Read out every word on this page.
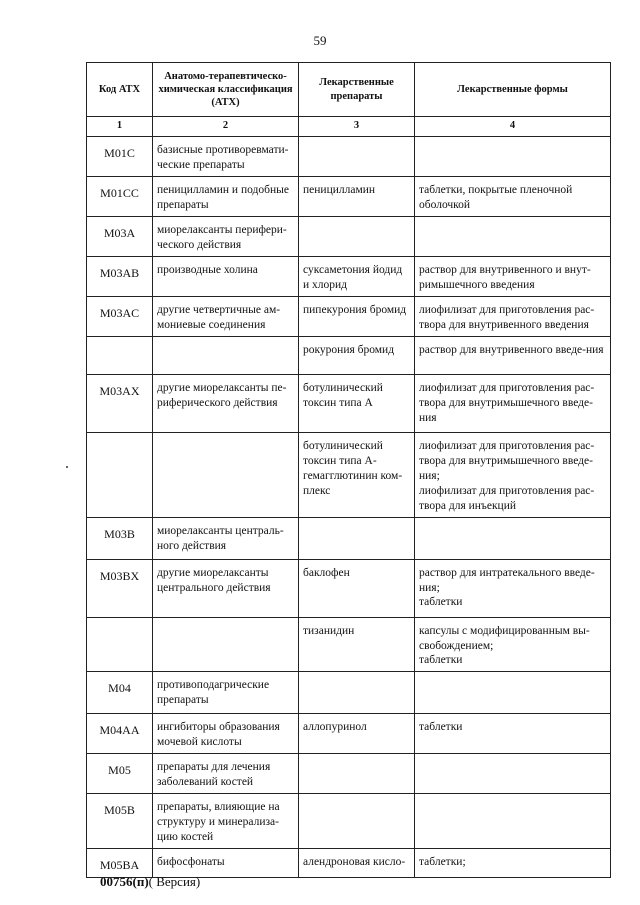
59
Код АТХ	Анатомо-терапевтическо-химическая классификация (АТХ)	Лекарственные препараты	Лекарственные формы
1	2	3	4
M01C	базисные противоревмати-ческие препараты		
M01CC	пеницилламин и подобные препараты	пеницилламин	таблетки, покрытые пленочной оболочкой
M03A	миорелаксанты перифери-ческого действия		
M03AB	производные холина	суксаметония йодид и хлорид	раствор для внутривенного и внут-римышечного введения
M03AC	другие четвертичные ам-мониевые соединения	пипекурония бромид	лиофилизат для приготовления рас-твора для внутривенного введения
		рокурония бромид	раствор для внутривенного введе-ния
M03AX	другие миорелаксанты пе-риферического действия	ботулинический токсин типа А	лиофилизат для приготовления рас-твора для внутримышечного введе-ния
		ботулинический токсин типа А-гемагглютинин ком-плекс	лиофилизат для приготовления рас-твора для внутримышечного введе-ния;
лиофилизат для приготовления рас-твора для инъекций

M03B	миорелаксанты централь-ного действия		
M03BX	другие миорелаксанты центрального действия	баклофен	раствор для интратекального введе-ния;
таблетки

		тизанидин	капсулы с модифицированным вы-свобождением;
таблетки

M04	противоподагрические препараты		
M04AA	ингибиторы образования мочевой кислоты	аллопуринол	таблетки
M05	препараты для лечения заболеваний костей		
M05B	препараты, влияющие на структуру и минерализа-цию костей		
M05BA	бифосфонаты	алендроновая кисло-	таблетки;
00756(п)( Версия)
